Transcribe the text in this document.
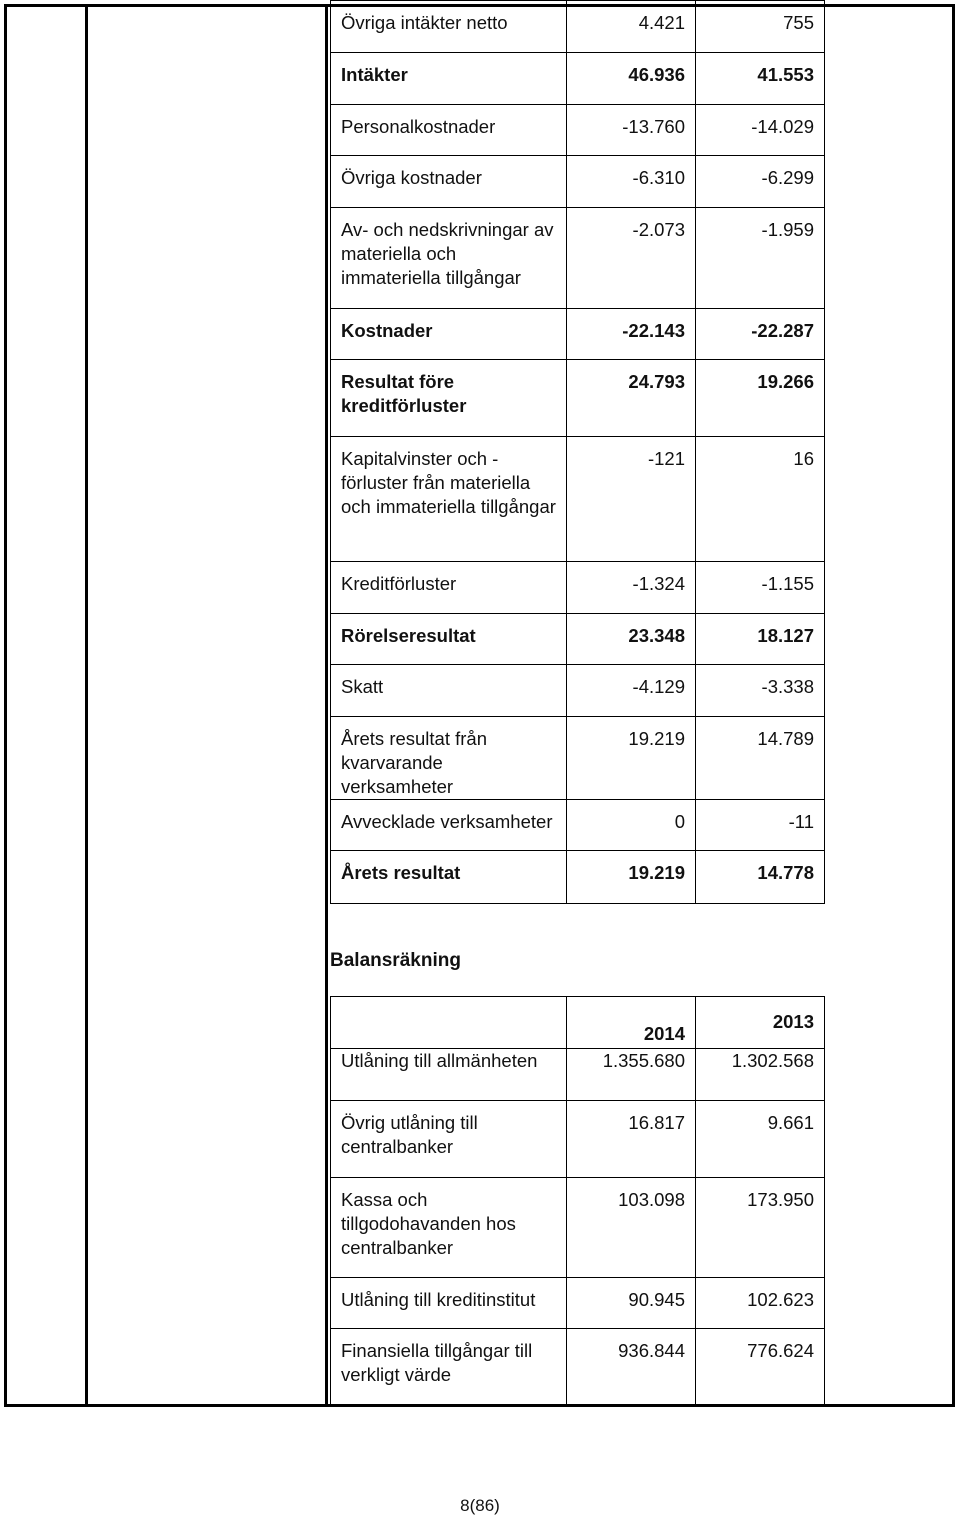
Övriga intäkter netto	4.421	755
Intäkter	46.936	41.553
Personalkostnader	-13.760	-14.029
Övriga kostnader	-6.310	-6.299
Av- och nedskrivningar av materiella och immateriella tillgångar	-2.073	-1.959
Kostnader	-22.143	-22.287
Resultat före kreditförluster	24.793	19.266
Kapitalvinster och - förluster från materiella och immateriella tillgångar	-121	16
Kreditförluster	-1.324	-1.155
Rörelseresultat	23.348	18.127
Skatt	-4.129	-3.338
Årets resultat från kvarvarande verksamheter	19.219	14.789
Avvecklade verksamheter	0	-11
Årets resultat	19.219	14.778
Balansräkning
	2014	2013
Utlåning till allmänheten	1.355.680	1.302.568
Övrig utlåning till centralbanker	16.817	9.661
Kassa och tillgodohavanden hos centralbanker	103.098	173.950
Utlåning till kreditinstitut	90.945	102.623
Finansiella tillgångar till verkligt värde	936.844	776.624
8(86)
